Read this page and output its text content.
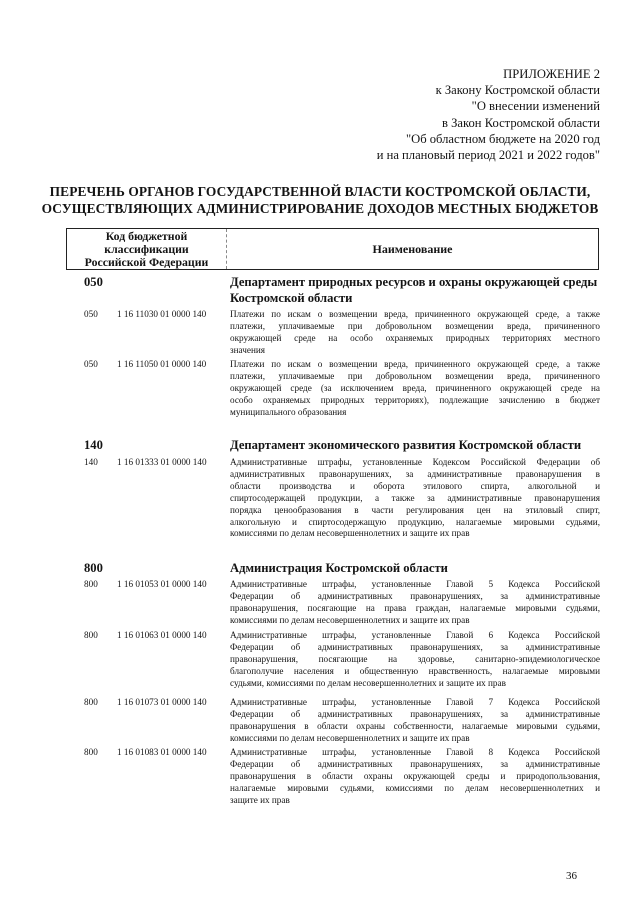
ПРИЛОЖЕНИЕ 2
к Закону Костромской области
"О внесении изменений
в Закон Костромской области
"Об областном бюджете на 2020 год
и на плановый период 2021 и 2022 годов"
ПЕРЕЧЕНЬ ОРГАНОВ ГОСУДАРСТВЕННОЙ ВЛАСТИ КОСТРОМСКОЙ ОБЛАСТИ,
ОСУЩЕСТВЛЯЮЩИХ АДМИНИСТРИРОВАНИЕ ДОХОДОВ МЕСТНЫХ БЮДЖЕТОВ
Код бюджетной
классификации
Российской Федерации
Наименование
050	Департамент природных ресурсов и охраны окружающей среды
Костромской области
050	1 16 11030 01 0000 140	Платежи по искам о возмещении вреда, причиненного окружающей среде, а также
платежи, уплачиваемые при добровольном возмещении вреда, причиненного
окружающей среде на особо охраняемых природных территориях местного
значения
050	1 16 11050 01 0000 140	Платежи по искам о возмещении вреда, причиненного окружающей среде, а также
платежи, уплачиваемые при добровольном возмещении вреда, причиненного
окружающей среде (за исключением вреда, причиненного окружающей среде на
особо охраняемых природных территориях), подлежащие зачислению в бюджет
муниципального образования
140	Департамент экономического развития Костромской области
140	1 16 01333 01 0000 140	Административные штрафы, установленные Кодексом Российской Федерации об
административных правонарушениях, за административные правонарушения в
области производства и оборота этилового спирта, алкогольной и
спиртосодержащей продукции, а также за административные правонарушения
порядка ценообразования в части регулирования цен на этиловый спирт,
алкогольную и спиртосодержащую продукцию, налагаемые мировыми судьями,
комиссиями по делам несовершеннолетних и защите их прав
800	Администрация Костромской области
800	1 16 01053 01 0000 140	Административные штрафы, установленные Главой 5 Кодекса Российской
Федерации об административных правонарушениях, за административные
правонарушения, посягающие на права граждан, налагаемые мировыми судьями,
комиссиями по делам несовершеннолетних и защите их прав
800	1 16 01063 01 0000 140	Административные штрафы, установленные Главой 6 Кодекса Российской
Федерации об административных правонарушениях, за административные
правонарушения, посягающие на здоровье, санитарно-эпидемиологическое
благополучие населения и общественную нравственность, налагаемые мировыми
судьями, комиссиями по делам несовершеннолетних и защите их прав
800	1 16 01073 01 0000 140	Административные штрафы, установленные Главой 7 Кодекса Российской
Федерации об административных правонарушениях, за административные
правонарушения в области охраны собственности, налагаемые мировыми судьями,
комиссиями по делам несовершеннолетних и защите их прав
800	1 16 01083 01 0000 140	Административные штрафы, установленные Главой 8 Кодекса Российской
Федерации об административных правонарушениях, за административные
правонарушения в области охраны окружающей среды и природопользования,
налагаемые мировыми судьями, комиссиями по делам несовершеннолетних и
защите их прав
36
